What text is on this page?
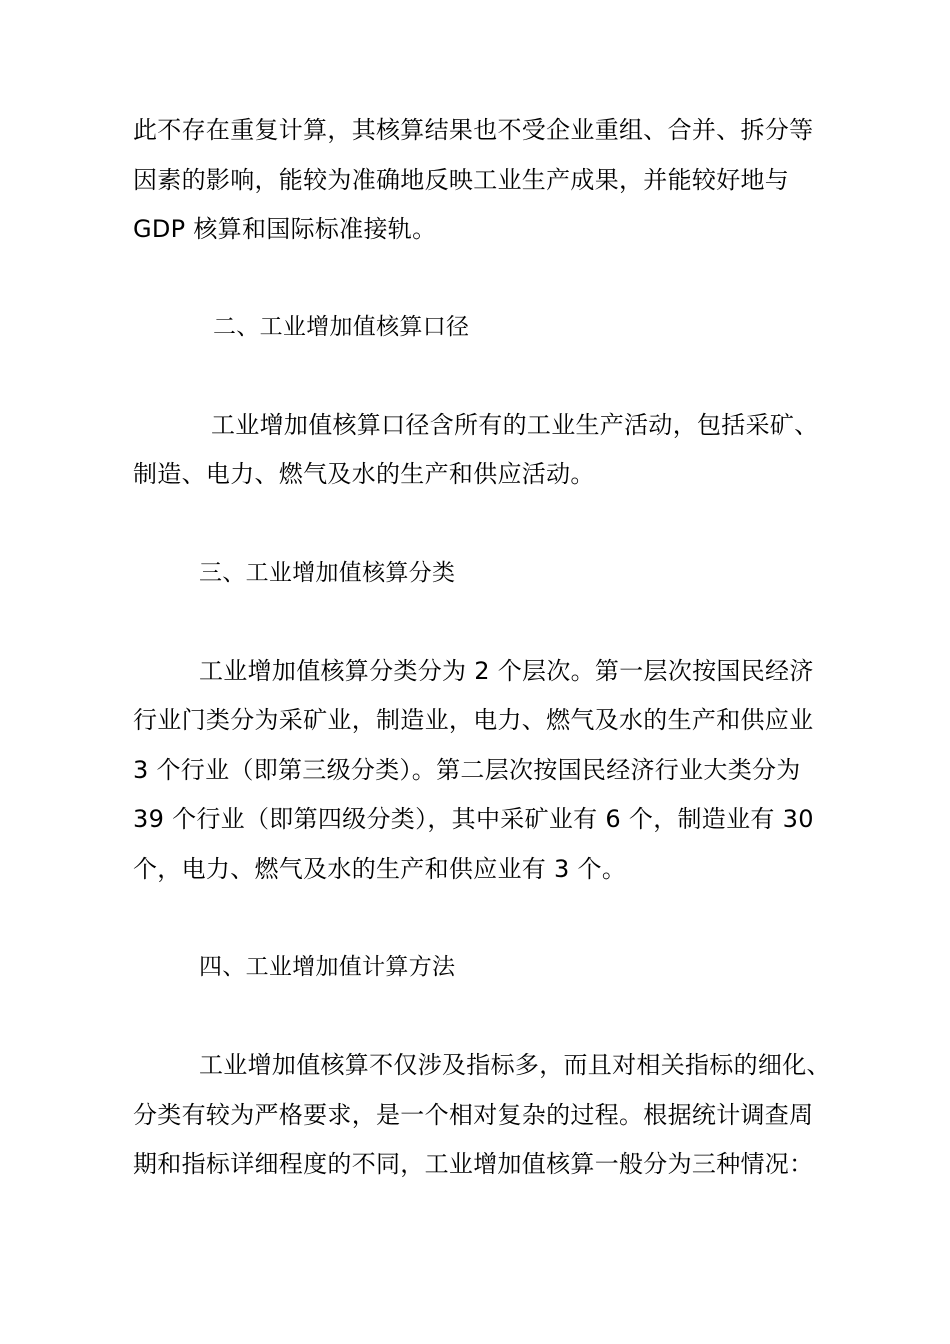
此不存在重复计算，其核算结果也不受企业重组、合并、拆分等
因素的影响，能较为准确地反映工业生产成果，并能较好地与
GDP 核算和国际标准接轨。
二、工业增加值核算口径
工业增加值核算口径含所有的工业生产活动，包括采矿、
制造、电力、燃气及水的生产和供应活动。
三、工业增加值核算分类
工业增加值核算分类分为 2 个层次。第一层次按国民经济
行业门类分为采矿业，制造业，电力、燃气及水的生产和供应业
3 个行业（即第三级分类）。第二层次按国民经济行业大类分为
39 个行业（即第四级分类），其中采矿业有 6 个，制造业有 30
个，电力、燃气及水的生产和供应业有 3 个。
四、工业增加值计算方法
工业增加值核算不仅涉及指标多，而且对相关指标的细化、
分类有较为严格要求，是一个相对复杂的过程。根据统计调查周
期和指标详细程度的不同，工业增加值核算一般分为三种情况：
